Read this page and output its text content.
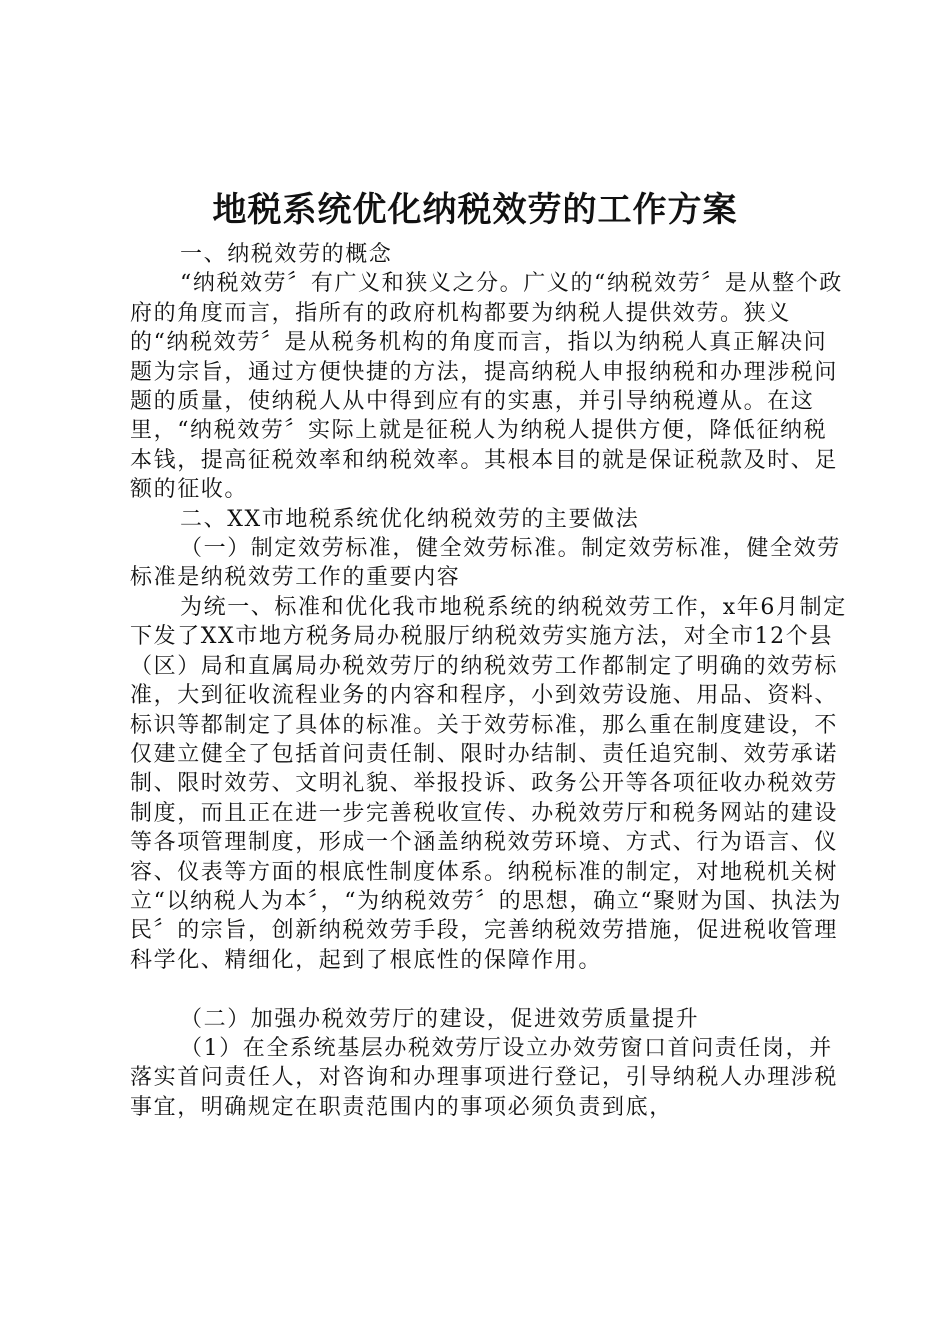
地税系统优化纳税效劳的工作方案

一、纳税效劳的概念

“纳税效劳〞有广义和狭义之分。广义的“纳税效劳〞是从整个政府的角度而言，指所有的政府机构都要为纳税人提供效劳。狭义的“纳税效劳〞是从税务机构的角度而言，指以为纳税人真正解决问题为宗旨，通过方便快捷的方法，提高纳税人申报纳税和办理涉税问题的质量，使纳税人从中得到应有的实惠，并引导纳税遵从。在这里，“纳税效劳〞实际上就是征税人为纳税人提供方便，降低征纳税本钱，提高征税效率和纳税效率。其根本目的就是保证税款及时、足额的征收。

二、XX市地税系统优化纳税效劳的主要做法

（一）制定效劳标准，健全效劳标准。制定效劳标准，健全效劳标准是纳税效劳工作的重要内容

为统一、标准和优化我市地税系统的纳税效劳工作，x年6月制定下发了XX市地方税务局办税服厅纳税效劳实施方法，对全市12个县（区）局和直属局办税效劳厅的纳税效劳工作都制定了明确的效劳标准，大到征收流程业务的内容和程序，小到效劳设施、用品、资料、标识等都制定了具体的标准。关于效劳标准，那么重在制度建设，不仅建立健全了包括首问责任制、限时办结制、责任追究制、效劳承诺制、限时效劳、文明礼貌、举报投诉、政务公开等各项征收办税效劳制度，而且正在进一步完善税收宣传、办税效劳厅和税务网站的建设等各项管理制度，形成一个涵盖纳税效劳环境、方式、行为语言、仪容、仪表等方面的根底性制度体系。纳税标准的制定，对地税机关树立“以纳税人为本〞，“为纳税效劳〞的思想，确立“聚财为国、执法为民〞的宗旨，创新纳税效劳手段，完善纳税效劳措施，促进税收管理科学化、精细化，起到了根底性的保障作用。

（二）加强办税效劳厅的建设，促进效劳质量提升

（1）在全系统基层办税效劳厅设立办效劳窗口首问责任岗，并落实首问责任人，对咨询和办理事项进行登记，引导纳税人办理涉税事宜，明确规定在职责范围内的事项必须负责到底，
